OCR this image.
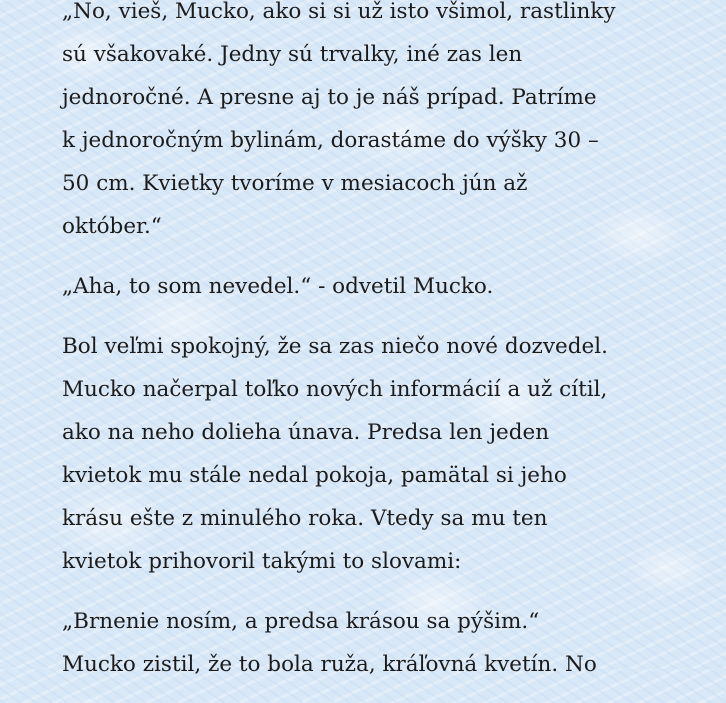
„No, vieš, Mucko, ako si si už isto všimol, rastlinky
sú všakovaké. Jedny sú trvalky, iné zas len
jednoročné. A presne aj to je náš prípad. Patríme
k jednoročným bylinám, dorastáme do výšky 30 –
50 cm. Kvietky tvoríme v mesiacoch jún až
október.“

„Aha, to som nevedel.“ - odvetil Mucko.

Bol veľmi spokojný, že sa zas niečo nové dozvedel.
Mucko načerpal toľko nových informácií a už cítil,
ako na neho dolieha únava. Predsa len jeden
kvietok mu stále nedal pokoja, pamätal si jeho
krásu ešte z minulého roka. Vtedy sa mu ten
kvietok prihovoril takými to slovami:

„Brnenie nosím, a predsa krásou sa pýšim.“
Mucko zistil, že to bola ruža, kráľovná kvetín. No
